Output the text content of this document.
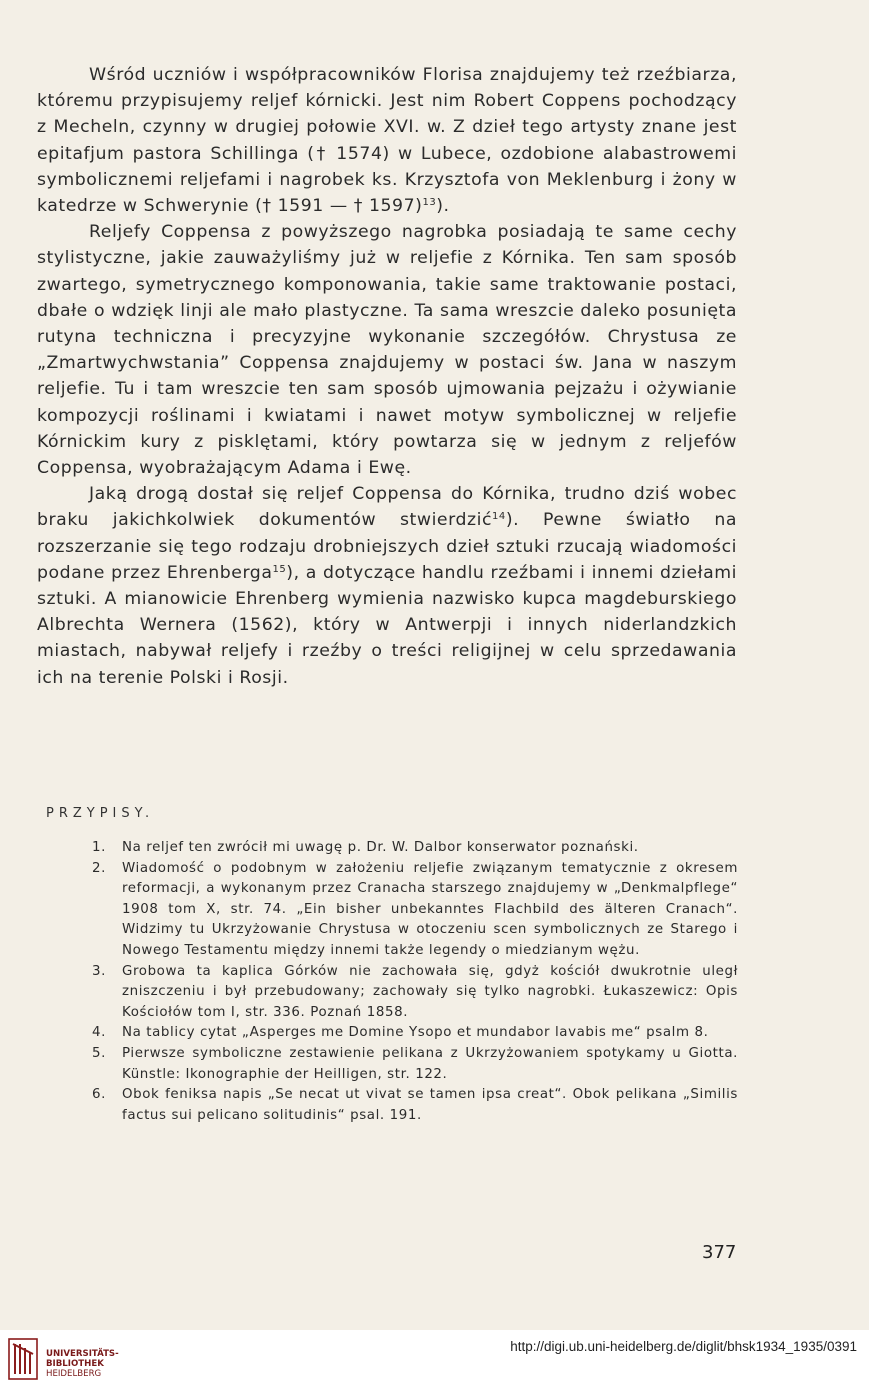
Wśród uczniów i współpracowników Florisa znajdujemy też rzeźbiarza, któremu przypisujemy reljef kórnicki. Jest nim Robert Coppens pochodzący z Mecheln, czynny w drugiej połowie XVI. w. Z dzieł tego artysty znane jest epitafjum pastora Schillinga († 1574) w Lubece, ozdobione alabastrowemi symbolicznemi reljefami i nagrobek ks. Krzysztofa von Meklenburg i żony w katedrze w Schwerynie († 1591 — † 1597)$^{13}$).

Reljefy Coppensa z powyższego nagrobka posiadają te same cechy stylistyczne, jakie zauważyliśmy już w reljefie z Kórnika. Ten sam sposób zwartego, symetrycznego komponowania, takie same traktowanie postaci, dbałe o wdzięk linji ale mało plastyczne. Ta sama wreszcie daleko posunięta rutyna techniczna i precyzyjne wykonanie szczegółów. Chrystusa ze „Zmartwychwstania” Coppensa znajdujemy w postaci św. Jana w naszym reljefie. Tu i tam wreszcie ten sam sposób ujmowania pejzażu i ożywianie kompozycji roślinami i kwiatami i nawet motyw symbolicznej w reljefie Kórnickim kury z pisklętami, który powtarza się w jednym z reljefów Coppensa, wyobrażającym Adama i Ewę.

Jaką drogą dostał się reljef Coppensa do Kórnika, trudno dziś wobec braku jakichkolwiek dokumentów stwierdzić$^{14}$). Pewne światło na rozszerzanie się tego rodzaju drobniejszych dzieł sztuki rzucają wiadomości podane przez Ehrenberga$^{15}$), a dotyczące handlu rzeźbami i innemi dziełami sztuki. A mianowicie Ehrenberg wymienia nazwisko kupca magdeburskiego Albrechta Wernera (1562), który w Antwerpji i innych niderlandzkich miastach, nabywał reljefy i rzeźby o treści religijnej w celu sprzedawania ich na terenie Polski i Rosji.

PRZYPISY.
1.	Na reljef ten zwrócił mi uwagę p. Dr. W. Dalbor konserwator poznański.
2.	Wiadomość o podobnym w założeniu reljefie związanym tematycznie z okresem reformacji, a wykonanym przez Cranacha starszego znajdujemy w „Denkmalpflege“ 1908 tom X, str. 74. „Ein bisher unbekanntes Flachbild des älteren Cranach“. Widzimy tu Ukrzyżowanie Chrystusa w otoczeniu scen symbolicznych ze Starego i Nowego Testamentu między innemi także legendy o miedzianym wężu.
3.	Grobowa ta kaplica Górków nie zachowała się, gdyż kościół dwukrotnie uległ zniszczeniu i był przebudowany; zachowały się tylko nagrobki. Łukaszewicz: Opis Kościołów tom I, str. 336. Poznań 1858.
4.	Na tablicy cytat „Asperges me Domine Ysopo et mundabor lavabis me“ psalm 8.
5.	Pierwsze symboliczne zestawienie pelikana z Ukrzyżowaniem spotykamy u Giotta. Künstle: Ikonographie der Heilligen, str. 122.
6.	Obok feniksa napis „Se necat ut vivat se tamen ipsa creat“. Obok pelikana „Similis factus sui pelicano solitudinis“ psal. 191.
377
UNIVERSITÄTS-
BIBLIOTHEK
HEIDELBERG
http://digi.ub.uni-heidelberg.de/diglit/bhsk1934_1935/0391
